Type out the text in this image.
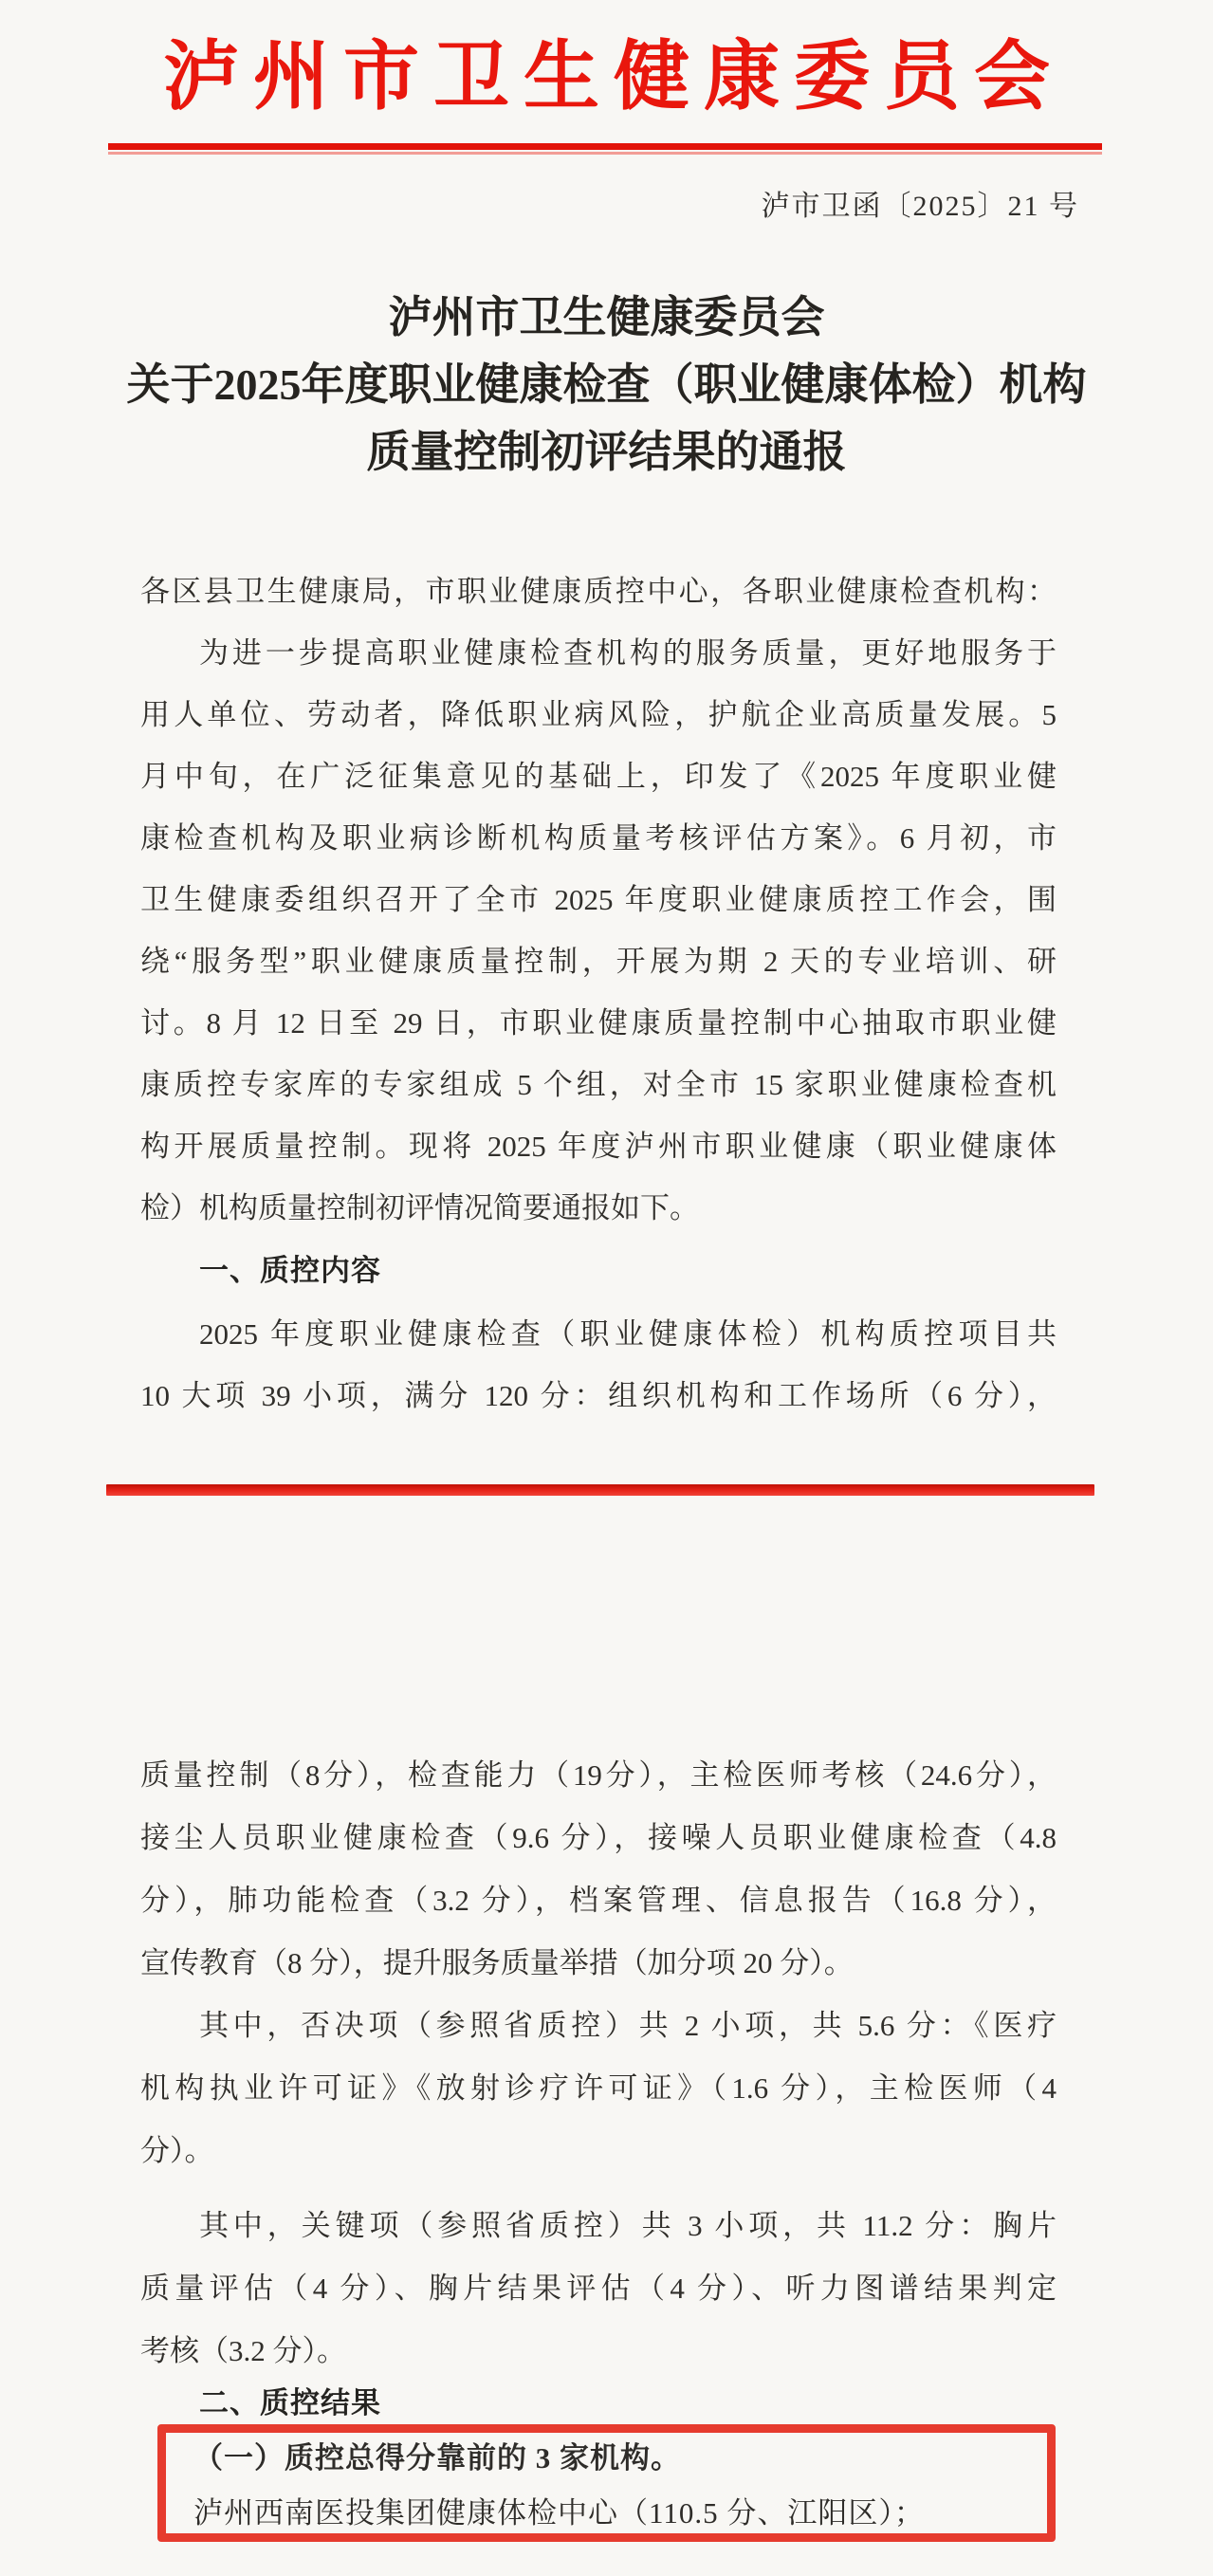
泸州市卫生健康委员会
泸市卫函〔2025〕21 号
泸州市卫生健康委员会
关于2025年度职业健康检查（职业健康体检）机构
质量控制初评结果的通报
各区县卫生健康局，市职业健康质控中心，各职业健康检查机构：
为进一步提高职业健康检查机构的服务质量，更好地服务于
用人单位、劳动者，降低职业病风险，护航企业高质量发展。5
月中旬，在广泛征集意见的基础上，印发了《2025 年度职业健
康检查机构及职业病诊断机构质量考核评估方案》。6 月初，市
卫生健康委组织召开了全市 2025 年度职业健康质控工作会，围
绕“服务型”职业健康质量控制，开展为期 2 天的专业培训、研
讨。8 月 12 日至 29 日，市职业健康质量控制中心抽取市职业健
康质控专家库的专家组成 5 个组，对全市 15 家职业健康检查机
构开展质量控制。现将 2025 年度泸州市职业健康（职业健康体
检）机构质量控制初评情况简要通报如下。
一、质控内容
2025 年度职业健康检查（职业健康体检）机构质控项目共
10 大项 39 小项，满分 120 分：组织机构和工作场所（6 分），
质量控制（8分），检查能力（19分），主检医师考核（24.6分），
接尘人员职业健康检查（9.6 分），接噪人员职业健康检查（4.8
分），肺功能检查（3.2 分），档案管理、信息报告（16.8 分），
宣传教育（8 分），提升服务质量举措（加分项 20 分）。
其中，否决项（参照省质控）共 2 小项，共 5.6 分：《医疗
机构执业许可证》《放射诊疗许可证》（1.6 分），主检医师（4
分）。
其中，关键项（参照省质控）共 3 小项，共 11.2 分：胸片
质量评估（4 分）、胸片结果评估（4 分）、听力图谱结果判定
考核（3.2 分）。
二、质控结果
（一）质控总得分靠前的 3 家机构。
泸州西南医投集团健康体检中心（110.5 分、江阳区）；
